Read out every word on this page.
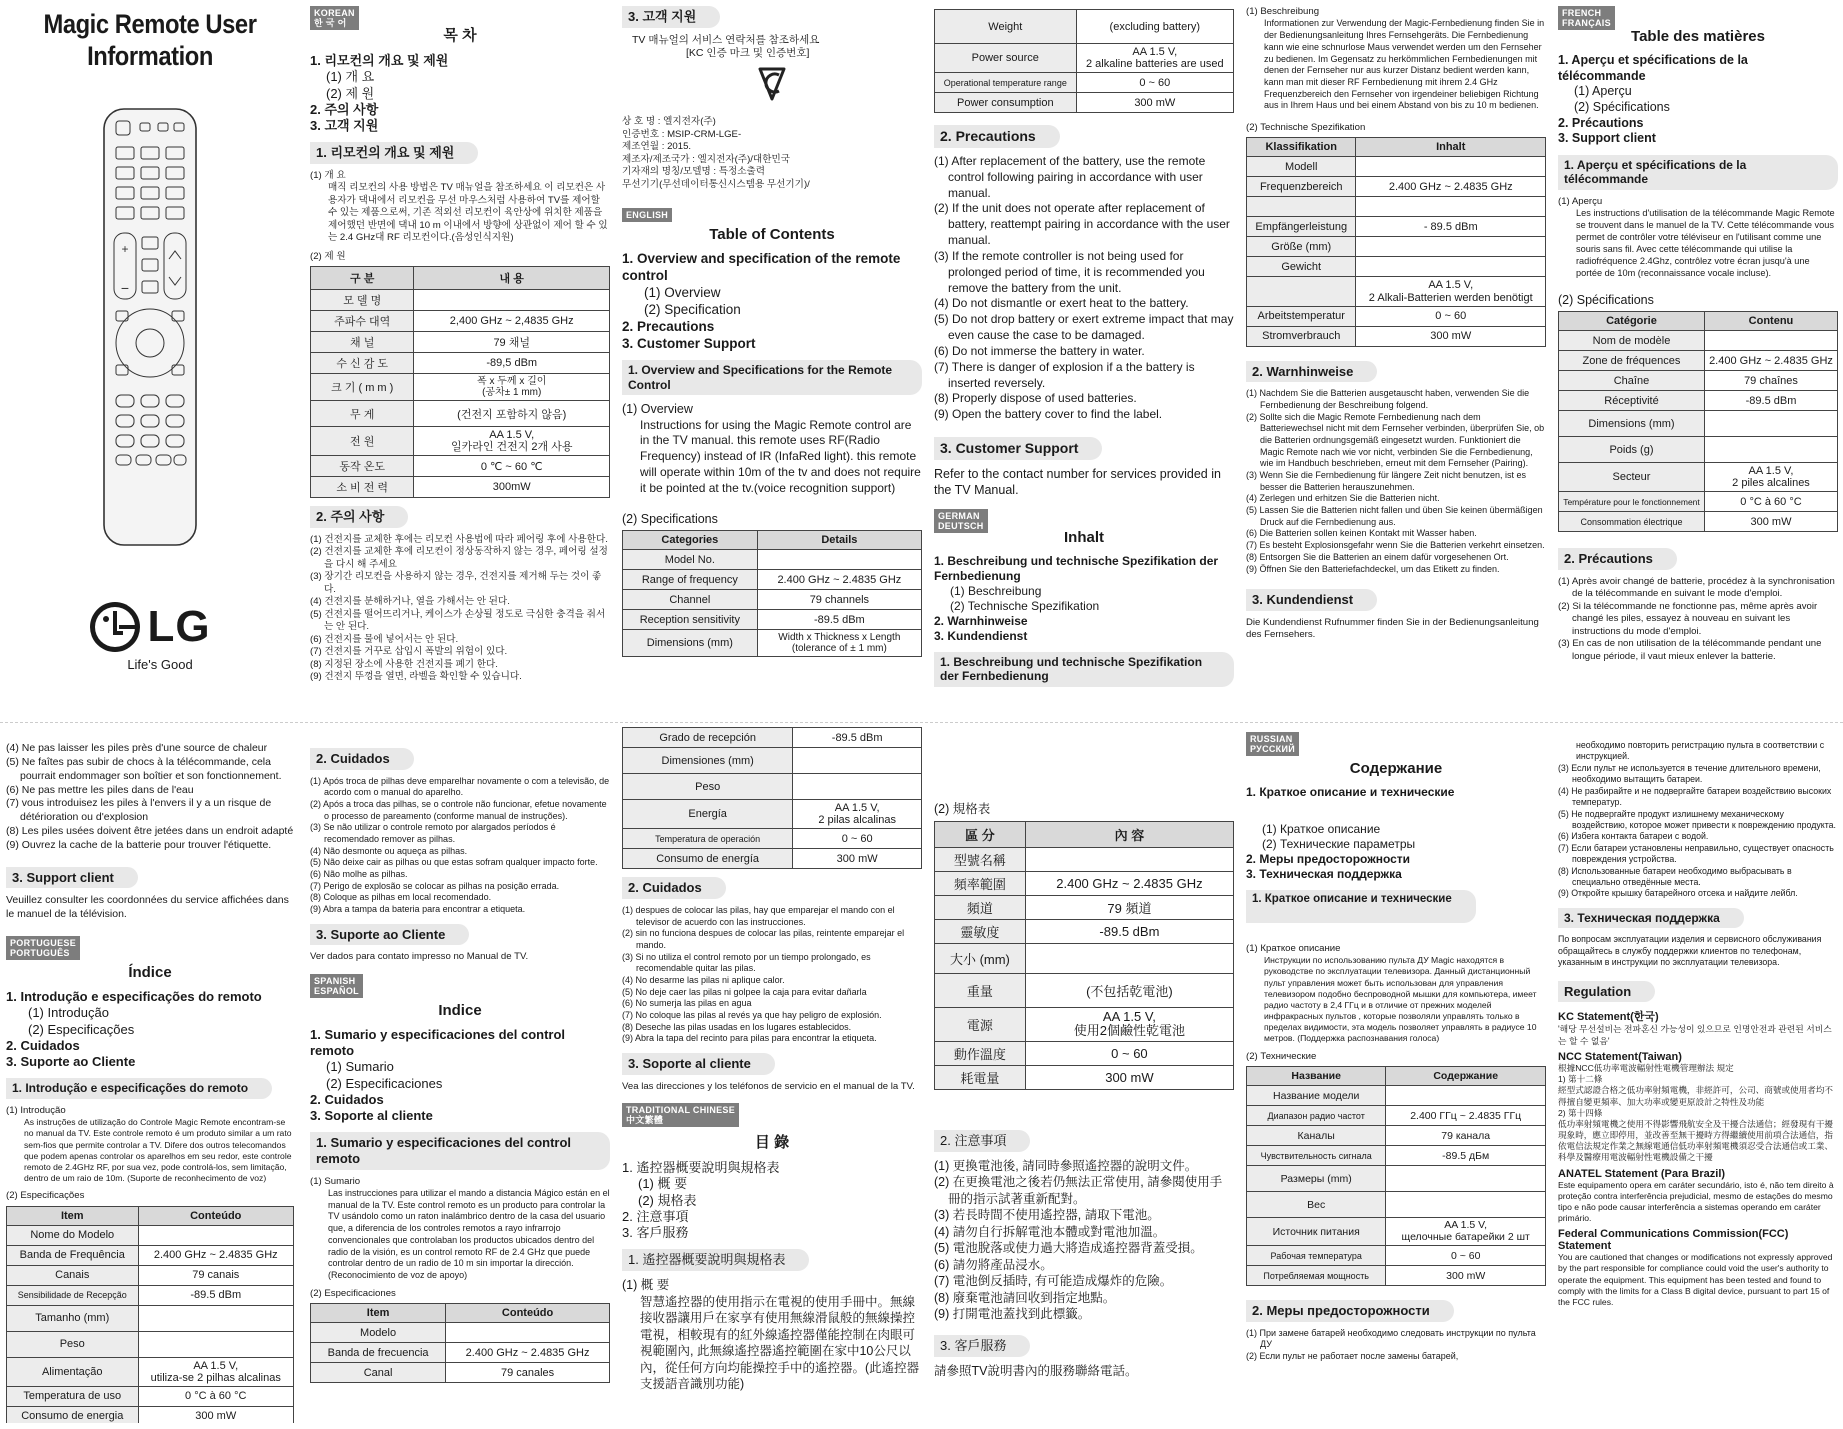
Magic Remote User
Information
+
−
LG
Life's Good
(4) Ne pas laisser les piles près d'une source de chaleur
(5) Ne faîtes pas subir de chocs à la télécommande, cela pourrait endommager son boîtier et son fonctionnement.
(6) Ne pas mettre les piles dans de l'eau
(7) vous introduisez les piles à l'envers il y a un risque de détérioration ou d'explosion
(8) Les piles usées doivent être jetées dans un endroit adapté
(9) Ouvrez la cache de la batterie pour trouver l'étiquette.
3. Support client
Veuillez consulter les coordonnées du service affichées dans le manuel de la télévision.
PORTUGUESE
PORTUGUÊS
Índice
1. Introdução e especificações do remoto
(1) Introdução
(2) Especificações
2. Cuidados
3. Suporte ao Cliente
1. Introdução e especificações do remoto
(1) Introdução
As instruções de utilização do Controle Magic Remote encontram-se no manual da TV. Este controle remoto é um produto similar a um rato sem-fios que permite controlar a TV. Difere dos outros telecomandos que podem apenas controlar os aparelhos em seu redor, este controle remoto de 2.4GHz RF, por sua vez, pode controlá-los, sem limitação, dentro de um raio de 10m. (Suporte de reconhecimento de voz)
(2) Especificações
Item	Conteúdo
Nome do Modelo	
Banda de Frequência	2.400 GHz ~ 2.4835 GHz
Canais	79 canais
Sensibilidade de Recepção	-89.5 dBm
Tamanho (mm)	
Peso	
Alimentação	AA 1.5 V,
utiliza-se 2 pilhas alcalinas
Temperatura de uso	0 °C à 60 °C
Consumo de energia	300 mW
KOREAN
한 국 어
목 차
1. 리모컨의 개요 및 제원
(1) 개 요
(2) 제 원
2. 주의 사항
3. 고객 지원
1. 리모컨의 개요 및 제원
(1) 개 요
매직 리모컨의 사용 방법은 TV 매뉴얼을 참조하세요 이 리모컨은 사용자가 댁내에서 리모컨을 무선 마우스처럼 사용하여 TV를 제어할 수 있는 제품으로써, 기존 적외선 리모컨이 육안상에 위치한 제품을 제어했던 반면에 댁내 10 m 이내에서 방향에 상관없이 제어 할 수 있는 2.4 GHz대 RF 리모컨이다.(음성인식지원)
(2) 제 원
구 분	내 용
모 델 명	
주파수 대역	2,400 GHz ~ 2,4835 GHz
채 널	79 채널
수 신 감 도	-89,5 dBm
크 기 ( m m )	폭 x 두께 x 길이
(공차± 1 mm)
무 게	(건전지 포함하지 않음)
전 원	AA 1.5 V,
일카라인 건전지 2개 사용
동작 온도	0 ℃ ~ 60 ℃
소 비 전 력	300mW
2. 주의 사항
(1) 건전지를 교체한 후에는 리모컨 사용법에 따라 페어링 후에 사용한다.
(2) 건전지를 교체한 후에 리모컨이 정상동작하지 않는 경우, 페어링 설정을 다시 해 주세요
(3) 장기간 리모컨을 사용하지 않는 경우, 건전지를 제거해 두는 것이 좋다.
(4) 건전지를 분해하거나, 열을 가해서는 안 된다.
(5) 건전지를 떨어뜨리거나, 케이스가 손상될 정도로 극심한 충격을 줘서는 안 된다.
(6) 건전지를 물에 넣어서는 안 된다.
(7) 건전지를 거꾸로 삽입시 폭발의 위험이 있다.
(8) 지정된 장소에 사용한 건전지를 폐기 한다.
(9) 건전지 뚜껑을 열면, 라벨을 확인할 수 있습니다.
2. Cuidados
(1) Após troca de pilhas deve emparelhar novamente o com a televisão, de acordo com o manual do aparelho.
(2) Após a troca das pilhas, se o controle não funcionar, efetue novamente o processo de pareamento (conforme manual de instruções).
(3) Se não utilizar o controle remoto por alargados períodos é recomendado remover as pilhas.
(4) Não desmonte ou aqueça as pilhas.
(5) Não deixe cair as pilhas ou que estas sofram qualquer impacto forte.
(6) Não molhe as pilhas.
(7) Perigo de explosão se colocar as pilhas na posição errada.
(8) Coloque as pilhas em local recomendado.
(9) Abra a tampa da bateria para encontrar a etiqueta.
3. Suporte ao Cliente
Ver dados para contato impresso no Manual de TV.
SPANISH
ESPAÑOL
Indice
1. Sumario y especificaciones del control remoto
(1) Sumario
(2) Especificaciones
2. Cuidados
3. Soporte al cliente
1. Sumario y especificaciones del control remoto
(1) Sumario
Las instrucciones para utilizar el mando a distancia Mágico están en el manual de la TV. Este control remoto es un producto para controlar la TV usándolo como un raton inalámbrico dentro de la casa del usuario que, a diferencia de los controles remotos a rayo infrarrojo convencionales que controlaban los productos ubicados dentro del radio de la visión, es un control remoto RF de 2.4 GHz que puede controlar dentro de un radio de 10 m sin importar la dirección. (Reconocimiento de voz de apoyo)
(2) Especificaciones
Item	Conteúdo
Modelo	
Banda de frecuencia	2.400 GHz ~ 2.4835 GHz
Canal	79 canales
3. 고객 지원
TV 매뉴얼의 서비스 연락처를 참조하세요
[KC 인증 마크 및 인증번호]
상 호 명 : 엘지전자(주)
인증번호 : MSIP-CRM-LGE-
제조연월 : 2015.
제조자/제조국가 : 엘지전자(주)/대한민국
기자재의 명칭/모델명 : 특정소출력
무선기기(무선데이터통신시스템용 무선기기)/
ENGLISH
Table of Contents
1. Overview and specification of the remote control
(1) Overview
(2) Specification
2. Precautions
3. Customer Support
1. Overview and Specifications for the Remote Control
(1) Overview
Instructions for using the Magic Remote control are in the TV manual. this remote uses RF(Radio Frequency) instead of IR (InfaRed light). this remote will operate within 10m of the tv and does not require it be pointed at the tv.(voice recognition support)
(2) Specifications
Categories	Details
Model No.	
Range of frequency	2.400 GHz ~ 2.4835 GHz
Channel	79 channels
Reception sensitivity	-89.5 dBm
Dimensions (mm)	Width x Thickness x Length
(tolerance of ± 1 mm)
Grado de recepción	-89.5 dBm
Dimensiones (mm)	
Peso	
Energía	AA 1.5 V,
2 pilas alcalinas
Temperatura de operación	0 ~ 60
Consumo de energía	300 mW
2. Cuidados
(1) despues de colocar las pilas, hay que emparejar el mando con el televisor de acuerdo con las instrucciones.
(2) sin no funciona despues de colocar las pilas, reintente emparejar el mando.
(3) Si no utiliza el control remoto por un tiempo prolongado, es recomendable quitar las pilas.
(4) No desarme las pilas ni aplique calor.
(5) No deje caer las pilas ni golpee la caja para evitar dañarla
(6) No sumerja las pilas en agua
(7) No coloque las pilas al revés ya que hay peligro de explosión.
(8) Deseche las pilas usadas en los lugares establecidos.
(9) Abra la tapa del recinto para pilas para encontrar la etiqueta.
3. Soporte al cliente
Vea las direcciones y los teléfonos de servicio en el manual de la TV.
TRADITIONAL CHINESE
中文繁體
目 錄
1. 遙控器概要說明與規格表
(1) 概 要
(2) 規格表
2. 注意事項
3. 客戶服務
1. 遙控器概要說明與規格表
(1) 概 要
智慧遙控器的使用指示在電視的使用手冊中。無線接收器讓用戶在家享有使用無線滑鼠般的無線操控電視，相較現有的紅外線遙控器僅能控制在肉眼可視範圍內, 此無線遙控器遙控範圍在家中10公尺以內，從任何方向均能操控手中的遙控器。(此遙控器支援語音識別功能)
Weight	(excluding battery)
Power source	AA 1.5 V,
2 alkaline batteries are used
Operational temperature range	0 ~ 60
Power consumption	300 mW
2. Precautions
(1) After replacement of the battery, use the remote control following pairing in accordance with user manual.
(2) If the unit does not operate after replacement of battery, reattempt pairing in accordance with the user manual.
(3) If the remote controller is not being used for prolonged period of time, it is recommended you remove the battery from the unit.
(4) Do not dismantle or exert heat to the battery.
(5) Do not drop battery or exert extreme impact that may even cause the case to be damaged.
(6) Do not immerse the battery in water.
(7) There is danger of explosion if a the battery is inserted reversely.
(8) Properly dispose of used batteries.
(9) Open the battery cover to find the label.
3. Customer Support
Refer to the contact number for services provided in the TV Manual.
GERMAN
DEUTSCH
Inhalt
1. Beschreibung und technische Spezifikation der Fernbedienung
(1) Beschreibung
(2) Technische Spezifikation
2. Warnhinweise
3. Kundendienst
1. Beschreibung und technische Spezifikation der Fernbedienung
(2) 規格表
區 分	內 容
型號名稱	
頻率範圍	2.400 GHz ~ 2.4835 GHz
頻道	79 頻道
靈敏度	-89.5 dBm
大小 (mm)	
重量	(不包括乾電池)
電源	AA 1.5 V,
使用2個鹼性乾電池
動作溫度	0 ~ 60
耗電量	300 mW
2. 注意事項
(1) 更換電池後, 請同時參照遙控器的說明文件。
(2) 在更換電池之後若仍無法正常使用, 請參閱使用手冊的指示試著重新配對。
(3) 若長時間不使用遙控器, 請取下電池。
(4) 請勿自行拆解電池本體或對電池加溫。
(5) 電池脫落或使力過大將造成遙控器背蓋受損。
(6) 請勿將產品浸水。
(7) 電池倒反插時, 有可能造成爆炸的危險。
(8) 廢棄電池請回收到指定地點。
(9) 打開電池蓋找到此標籤。
3. 客戶服務
請參照TV說明書內的服務聯絡電話。
(1) Beschreibung
Informationen zur Verwendung der Magic-Fernbedienung finden Sie in der Bedienungsanleitung Ihres Fernsehgeräts. Die Fernbedienung kann wie eine schnurlose Maus verwendet werden um den Fernseher zu bedienen. Im Gegensatz zu herkömmlichen Fernbedienungen mit denen der Fernseher nur aus kurzer Distanz bedient werden kann, kann man mit dieser RF Fernbedienung mit ihrem 2.4 GHz Frequenzbereich den Fernseher von irgendeiner beliebigen Richtung aus in Ihrem Haus und bei einem Abstand von bis zu 10 m bedienen.
(2) Technische Spezifikation
Klassifikation	Inhalt
Modell	
Frequenzbereich	2.400 GHz ~ 2.4835 GHz

Empfängerleistung	- 89.5 dBm
Größe (mm)	
Gewicht	
	AA 1.5 V,
2 Alkali-Batterien werden benötigt
Arbeitstemperatur	0 ~ 60
Stromverbrauch	300 mW
2. Warnhinweise
(1) Nachdem Sie die Batterien ausgetauscht haben, verwenden Sie die Fernbedienung der Beschreibung folgend.
(2) Sollte sich die Magic Remote Fernbedienung nach dem Batteriewechsel nicht mit dem Fernseher verbinden, überprüfen Sie, ob die Batterien ordnungsgemäß eingesetzt wurden. Funktioniert die Magic Remote nach wie vor nicht, verbinden Sie die Fernbedienung, wie im Handbuch beschrieben, erneut mit dem Fernseher (Pairing).
(3) Wenn Sie die Fernbedienung für längere Zeit nicht benutzen, ist es besser die Batterien herauszunehmen.
(4) Zerlegen und erhitzen Sie die Batterien nicht.
(5) Lassen Sie die Batterien nicht fallen und üben Sie keinen übermäßigen Druck auf die Fernbedienung aus.
(6) Die Batterien sollen keinen Kontakt mit Wasser haben.
(7) Es besteht Explosionsgefahr wenn Sie die Batterien verkehrt einsetzen.
(8) Entsorgen Sie die Batterien an einem dafür vorgesehenen Ort.
(9) Öffnen Sie den Batteriefachdeckel, um das Etikett zu finden.
3. Kundendienst
Die Kundendienst Rufnummer finden Sie in der Bedienungsanleitung des Fernsehers.
RUSSIAN
РУССКИЙ
Содержание
1. Краткое описание и технические
(1) Краткое описание
(2) Технические параметры
2. Меры предосторожности
3. Техническая поддержка
1. Краткое описание и технические
(1) Краткое описание
Инструкции по использованию пульта ДУ Magic находятся в руководстве по эксплуатации телевизора. Данный дистанционный пульт управления может быть использован для управления телевизором подобно беспроводной мышки для компьютера, имеет радио частоту в 2,4 ГГц и в отличие от прежних моделей инфракрасных пультов , которые позволяли управлять только в пределах видимости, эта модель позволяет управлять в радиусе 10 метров. (Поддержка распознавания голоса)
(2) Технические
Название	Содержание
Название модели	
Диапазон радио частот	2.400 ГГц ~ 2.4835 ГГц
Каналы	79 канала
Чувствительность сигнала	-89.5 дБм
Размеры (mm)	
Вес	
Источник питания	AA 1.5 V,
щелочные батарейки 2 шт
Рабочая температура	0 ~ 60
Потребляемая мощность	300 mW
2. Меры предосторожности
(1) При замене батарей необходимо следовать инструкции по пульта ДУ
(2) Если пульт не работает после замены батарей,
FRENCH
FRANÇAIS
Table des matières
1. Aperçu et spécifications de la télécommande
(1) Aperçu
(2) Spécifications
2. Précautions
3. Support client
1. Aperçu et spécifications de la télécommande
(1) Aperçu
Les instructions d'utilisation de la télécommande Magic Remote se trouvent dans le manuel de la TV. Cette télécommande vous permet de contrôler votre téléviseur en l'utilisant comme une souris sans fil. Avec cette télécommande qui utilise la radiofréquence 2.4Ghz, contrôlez votre écran jusqu'à une portée de 10m (reconnaissance vocale incluse).
(2) Spécifications
Catégorie	Contenu
Nom de modèle	
Zone de fréquences	2.400 GHz ~ 2.4835 GHz
Chaîne	79 chaînes
Réceptivité	-89.5 dBm
Dimensions (mm)	
Poids (g)	
Secteur	AA 1.5 V,
2 piles alcalines
Température pour le fonctionnement	0 °C à 60 °C
Consommation électrique	300 mW
2. Précautions
(1) Après avoir changé de batterie, procédez à la synchronisation de la télécommande en suivant le mode d'emploi.
(2) Si la télécommande ne fonctionne pas, même après avoir changé les piles, essayez à nouveau en suivant les instructions du mode d'emploi.
(3) En cas de non utilisation de la télécommande pendant une longue période, il vaut mieux enlever la batterie.
необходимо повторить регистрацию пульта в соответствии с инструкцией.
(3) Если пульт не используется в течение длительного времени, необходимо вытащить батареи.
(4) Не разбирайте и не подвергайте батареи воздействию высоких температур.
(5) Не подвергайте продукт излишнему механическому воздействию, которое может привести к повреждению продукта.
(6) Избега контакта батареи с водой.
(7) Если батареи установлены неправильно, существует опасность повреждения устройства.
(8) Использованные батареи необходимо выбрасывать в специально отведённые места.
(9) Откройте крышку батарейного отсека и найдите лейбл.
3. Техническая поддержка
По вопросам эксплуатации изделия и сервисного обслуживания обращайтесь в службу поддержки клиентов по телефонам, указанным в инструкции по эксплуатации телевизора.
Regulation
KC Statement(한국)
'해당 무선설비는 전파혼신 가능성이 있으므로 인명안전과 관련된 서비스는 할 수 없음'
NCC Statement(Taiwan)
根據NCC低功率電波輻射性電機管理辦法 規定
1) 第十二條
經型式認證合格之低功率射頻電機，非經許可，公司、商號或使用者均不得擅自變更頻率、加大功率或變更原設計之特性及功能
2) 第十四條
低功率射頻電機之使用不得影響飛航安全及干擾合法通信；經發現有干擾現象時，應立即停用，並改善至無干擾時方得繼續使用前項合法通信，指依電信法規定作業之無線電通信低功率射頻電機須忍受合法通信或工業、科學及醫療用電波輻射性電機設備之干擾
ANATEL Statement (Para Brazil)
Este equipamento opera em caráter secundário, isto é, não tem direito à proteção contra interferência prejudicial, mesmo de estações do mesmo tipo e não pode causar interferência a sistemas operando em caráter primário.
Federal Communications Commission(FCC) Statement
You are cautioned that changes or modifications not expressly approved by the part responsible for compliance could void the user's authority to operate the equipment. This equipment has been tested and found to comply with the limits for a Class B digital device, pursuant to part 15 of the FCC rules.
